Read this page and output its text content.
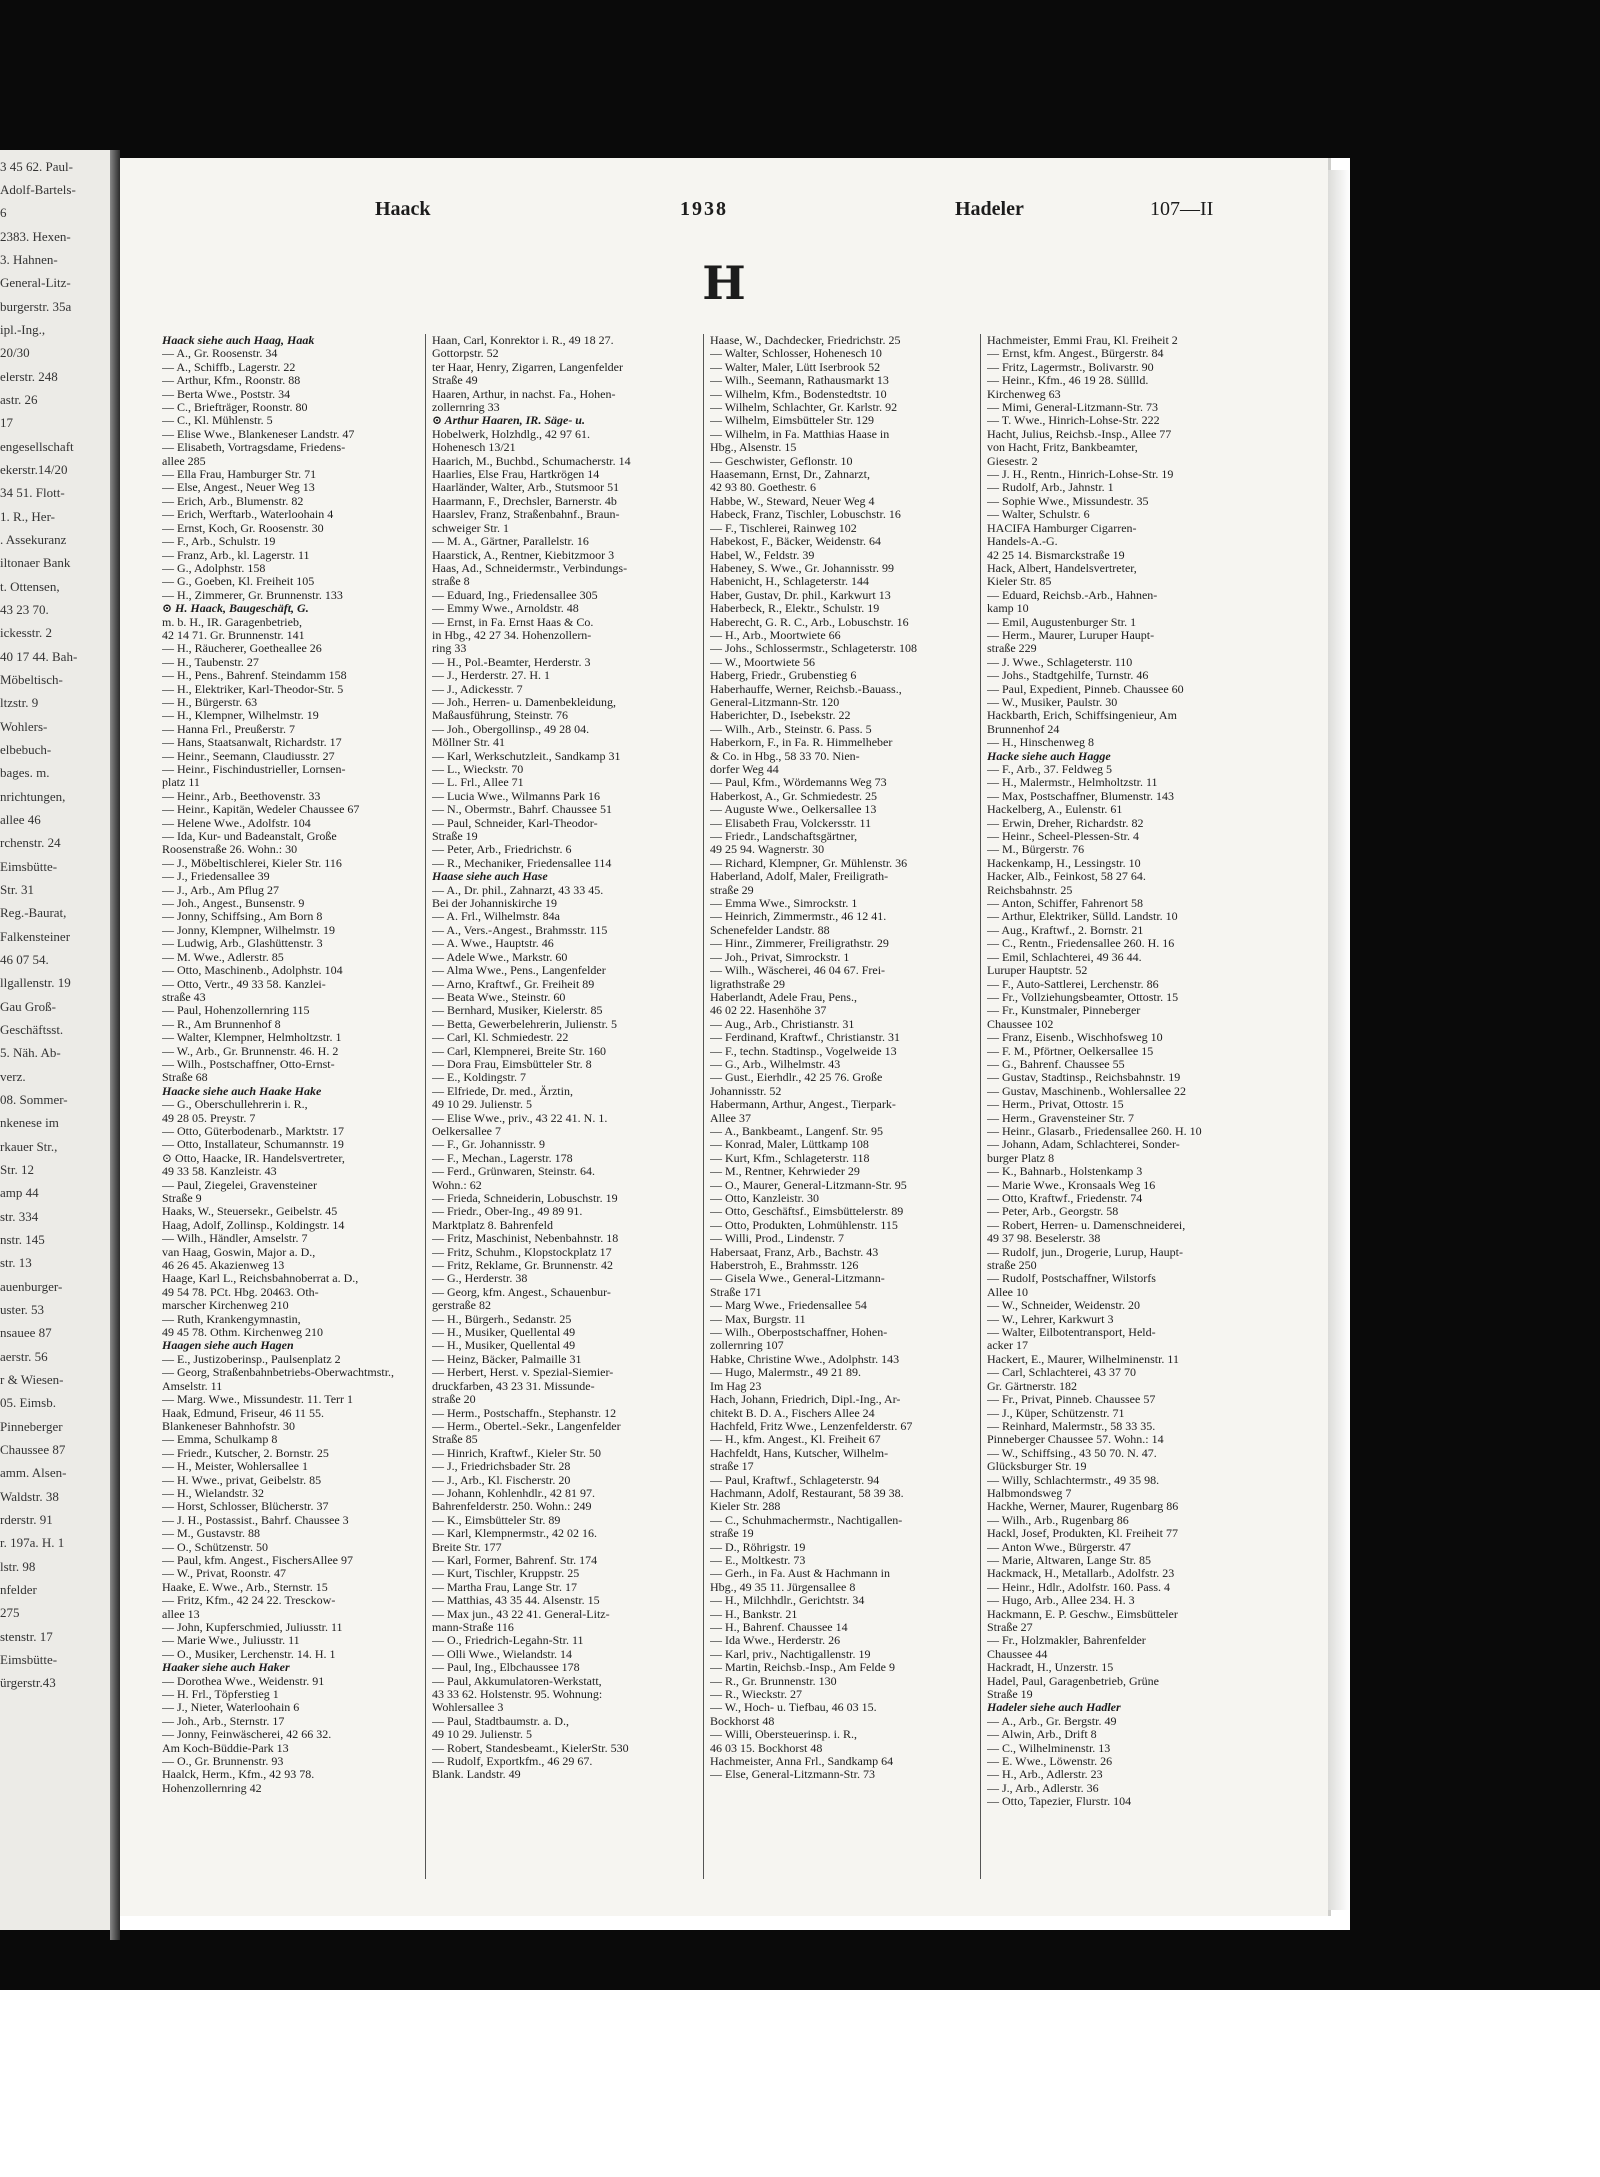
3 45 62. Paul-
Adolf-Bartels-
6
2383. Hexen-
3. Hahnen-
General-Litz-
burgerstr. 35a
ipl.-Ing.,
20/30
elerstr. 248
astr. 26
17
engesellschaft
ekerstr.14/20
34 51. Flott-
1. R., Her-
. Assekuranz
iltonaer Bank
t. Ottensen,
43 23 70.
ickesstr. 2
40 17 44. Bah-
Möbeltisch-
ltzstr. 9
Wohlers-
elbebuch-
bages. m.
nrichtungen,
allee 46
rchenstr. 24
Eimsbütte-
Str. 31
Reg.-Baurat,
Falkensteiner
46 07 54.
llgallenstr. 19
Gau Groß-
Geschäftsst.
5. Näh. Ab-
verz.
08. Sommer-
nkenese im
rkauer Str.,
Str. 12
amp 44
str. 334
nstr. 145
str. 13
auenburger-
uster. 53
nsauee 87
aerstr. 56
r & Wiesen-
05. Eimsb.
Pinneberger
Chaussee 87
amm. Alsen-
Waldstr. 38
rderstr. 91
r. 197a. H. 1
lstr. 98
nfelder
275
stenstr. 17
Eimsbütte-
ürgerstr.43
Haack	1938	Hadeler	107—II
H
Haack siehe auch Haag, Haak
— A., Gr. Roosenstr. 34
— A., Schiffb., Lagerstr. 22
— Arthur, Kfm., Roonstr. 88
— Berta Wwe., Poststr. 34
— C., Briefträger, Roonstr. 80
— C., Kl. Mühlenstr. 5
— Elise Wwe., Blankeneser Landstr. 47
— Elisabeth, Vortragsdame, Friedens-
allee 285
— Ella Frau, Hamburger Str. 71
— Else, Angest., Neuer Weg 13
— Erich, Arb., Blumenstr. 82
— Erich, Werftarb., Waterloohain 4
— Ernst, Koch, Gr. Roosenstr. 30
— F., Arb., Schulstr. 19
— Franz, Arb., kl. Lagerstr. 11
— G., Adolphstr. 158
— G., Goeben, Kl. Freiheit 105
— H., Zimmerer, Gr. Brunnenstr. 133
⊙ H. Haack, Baugeschäft, G.
m. b. H., IR. Garagenbetrieb,
42 14 71. Gr. Brunnenstr. 141
— H., Räucherer, Goetheallee 26
— H., Taubenstr. 27
— H., Pens., Bahrenf. Steindamm 158
— H., Elektriker, Karl-Theodor-Str. 5
— H., Bürgerstr. 63
— H., Klempner, Wilhelmstr. 19
— Hanna Frl., Preußerstr. 7
— Hans, Staatsanwalt, Richardstr. 17
— Heinr., Seemann, Claudiusstr. 27
— Heinr., Fischindustrieller, Lornsen-
platz 11
— Heinr., Arb., Beethovenstr. 33
— Heinr., Kapitän, Wedeler Chaussee 67
— Helene Wwe., Adolfstr. 104
— Ida, Kur- und Badeanstalt, Große
Roosenstraße 26. Wohn.: 30
— J., Möbeltischlerei, Kieler Str. 116
— J., Friedensallee 39
— J., Arb., Am Pflug 27
— Joh., Angest., Bunsenstr. 9
— Jonny, Schiffsing., Am Born 8
— Jonny, Klempner, Wilhelmstr. 19
— Ludwig, Arb., Glashüttenstr. 3
— M. Wwe., Adlerstr. 85
— Otto, Maschinenb., Adolphstr. 104
— Otto, Vertr., 49 33 58. Kanzlei-
straße 43
— Paul, Hohenzollernring 115
— R., Am Brunnenhof 8
— Walter, Klempner, Helmholtzstr. 1
— W., Arb., Gr. Brunnenstr. 46. H. 2
— Wilh., Postschaffner, Otto-Ernst-
Straße 68
Haacke siehe auch Haake Hake
— G., Oberschullehrerin i. R.,
49 28 05. Preystr. 7
— Otto, Güterbodenarb., Marktstr. 17
— Otto, Installateur, Schumannstr. 19
⊙ Otto, Haacke, IR. Handelsvertreter,
49 33 58. Kanzleistr. 43
— Paul, Ziegelei, Gravensteiner
Straße 9
Haaks, W., Steuersekr., Geibelstr. 45
Haag, Adolf, Zollinsp., Koldingstr. 14
— Wilh., Händler, Amselstr. 7
van Haag, Goswin, Major a. D.,
46 26 45. Akazienweg 13
Haage, Karl L., Reichsbahnoberrat a. D.,
49 54 78. PCt. Hbg. 20463. Oth-
marscher Kirchenweg 210
— Ruth, Krankengymnastin,
49 45 78. Othm. Kirchenweg 210
Haagen siehe auch Hagen
— E., Justizoberinsp., Paulsenplatz 2
— Georg, Straßenbahnbetriebs-Oberwachtmstr.,
Amselstr. 11
— Marg. Wwe., Missundestr. 11. Terr 1
Haak, Edmund, Friseur, 46 11 55.
Blankeneser Bahnhofstr. 30
— Emma, Schulkamp 8
— Friedr., Kutscher, 2. Bornstr. 25
— H., Meister, Wohlersallee 1
— H. Wwe., privat, Geibelstr. 85
— H., Wielandstr. 32
— Horst, Schlosser, Blücherstr. 37
— J. H., Postassist., Bahrf. Chaussee 3
— M., Gustavstr. 88
— O., Schützenstr. 50
— Paul, kfm. Angest., FischersAllee 97
— W., Privat, Roonstr. 47
Haake, E. Wwe., Arb., Sternstr. 15
— Fritz, Kfm., 42 24 22. Tresckow-
allee 13
— John, Kupferschmied, Juliusstr. 11
— Marie Wwe., Juliusstr. 11
— O., Musiker, Lerchenstr. 14. H. 1
Haaker siehe auch Haker
— Dorothea Wwe., Weidenstr. 91
— H. Frl., Töpferstieg 1
— J., Nieter, Waterloohain 6
— Joh., Arb., Sternstr. 17
— Jonny, Feinwäscherei, 42 66 32.
Am Koch-Büddie-Park 13
— O., Gr. Brunnenstr. 93
Haalck, Herm., Kfm., 42 93 78.
Hohenzollernring 42
Haan, Carl, Konrektor i. R., 49 18 27.
Gottorpstr. 52
ter Haar, Henry, Zigarren, Langenfelder
Straße 49
Haaren, Arthur, in nachst. Fa., Hohen-
zollernring 33
⊙ Arthur Haaren, IR. Säge- u.
Hobelwerk, Holzhdlg., 42 97 61.
Hohenesch 13/21
Haarich, M., Buchbd., Schumacherstr. 14
Haarlies, Else Frau, Hartkrögen 14
Haarländer, Walter, Arb., Stutsmoor 51
Haarmann, F., Drechsler, Barnerstr. 4b
Haarslev, Franz, Straßenbahnf., Braun-
schweiger Str. 1
— M. A., Gärtner, Parallelstr. 16
Haarstick, A., Rentner, Kiebitzmoor 3
Haas, Ad., Schneidermstr., Verbindungs-
straße 8
— Eduard, Ing., Friedensallee 305
— Emmy Wwe., Arnoldstr. 48
— Ernst, in Fa. Ernst Haas & Co.
in Hbg., 42 27 34. Hohenzollern-
ring 33
— H., Pol.-Beamter, Herderstr. 3
— J., Herderstr. 27. H. 1
— J., Adickesstr. 7
— Joh., Herren- u. Damenbekleidung,
Maßausführung, Steinstr. 76
— Joh., Obergollinsp., 49 28 04.
Möllner Str. 41
— Karl, Werkschutzleit., Sandkamp 31
— L., Wieckstr. 70
— L. Frl., Allee 71
— Lucia Wwe., Wilmanns Park 16
— N., Obermstr., Bahrf. Chaussee 51
— Paul, Schneider, Karl-Theodor-
Straße 19
— Peter, Arb., Friedrichstr. 6
— R., Mechaniker, Friedensallee 114
Haase siehe auch Hase
— A., Dr. phil., Zahnarzt, 43 33 45.
Bei der Johanniskirche 19
— A. Frl., Wilhelmstr. 84a
— A., Vers.-Angest., Brahmsstr. 115
— A. Wwe., Hauptstr. 46
— Adele Wwe., Markstr. 60
— Alma Wwe., Pens., Langenfelder
— Arno, Kraftwf., Gr. Freiheit 89
— Beata Wwe., Steinstr. 60
— Bernhard, Musiker, Kielerstr. 85
— Betta, Gewerbelehrerin, Julienstr. 5
— Carl, Kl. Schmiedestr. 22
— Carl, Klempnerei, Breite Str. 160
— Dora Frau, Eimsbütteler Str. 8
— E., Koldingstr. 7
— Elfriede, Dr. med., Ärztin,
49 10 29. Julienstr. 5
— Elise Wwe., priv., 43 22 41. N. 1.
Oelkersallee 7
— F., Gr. Johannisstr. 9
— F., Mechan., Lagerstr. 178
— Ferd., Grünwaren, Steinstr. 64.
Wohn.: 62
— Frieda, Schneiderin, Lobuschstr. 19
— Friedr., Ober-Ing., 49 89 91.
Marktplatz 8. Bahrenfeld
— Fritz, Maschinist, Nebenbahnstr. 18
— Fritz, Schuhm., Klopstockplatz 17
— Fritz, Reklame, Gr. Brunnenstr. 42
— G., Herderstr. 38
— Georg, kfm. Angest., Schauenbur-
gerstraße 82
— H., Bürgerh., Sedanstr. 25
— H., Musiker, Quellental 49
— H., Musiker, Quellental 49
— Heinz, Bäcker, Palmaille 31
— Herbert, Herst. v. Spezial-Siemier-
druckfarben, 43 23 31. Missunde-
straße 20
— Herm., Postschaffn., Stephanstr. 12
— Herm., Obertel.-Sekr., Langenfelder
Straße 85
— Hinrich, Kraftwf., Kieler Str. 50
— J., Friedrichsbader Str. 28
— J., Arb., Kl. Fischerstr. 20
— Johann, Kohlenhdlr., 42 81 97.
Bahrenfelderstr. 250. Wohn.: 249
— K., Eimsbütteler Str. 89
— Karl, Klempnermstr., 42 02 16.
Breite Str. 177
— Karl, Former, Bahrenf. Str. 174
— Kurt, Tischler, Kruppstr. 25
— Martha Frau, Lange Str. 17
— Matthias, 43 35 44. Alsenstr. 15
— Max jun., 43 22 41. General-Litz-
mann-Straße 116
— O., Friedrich-Legahn-Str. 11
— Olli Wwe., Wielandstr. 14
— Paul, Ing., Elbchaussee 178
— Paul, Akkumulatoren-Werkstatt,
43 33 62. Holstenstr. 95. Wohnung:
Wohlersallee 3
— Paul, Stadtbaumstr. a. D.,
49 10 29. Julienstr. 5
— Robert, Standesbeamt., KielerStr. 530
— Rudolf, Exportkfm., 46 29 67.
Blank. Landstr. 49
Haase, W., Dachdecker, Friedrichstr. 25
— Walter, Schlosser, Hohenesch 10
— Walter, Maler, Lütt Iserbrook 52
— Wilh., Seemann, Rathausmarkt 13
— Wilhelm, Kfm., Bodenstedtstr. 10
— Wilhelm, Schlachter, Gr. Karlstr. 92
— Wilhelm, Eimsbütteler Str. 129
— Wilhelm, in Fa. Matthias Haase in
Hbg., Alsenstr. 15
— Geschwister, Geflonstr. 10
Haasemann, Ernst, Dr., Zahnarzt,
42 93 80. Goethestr. 6
Habbe, W., Steward, Neuer Weg 4
Habeck, Franz, Tischler, Lobuschstr. 16
— F., Tischlerei, Rainweg 102
Habekost, F., Bäcker, Weidenstr. 64
Habel, W., Feldstr. 39
Habeney, S. Wwe., Gr. Johannisstr. 99
Habenicht, H., Schlageterstr. 144
Haber, Gustav, Dr. phil., Karkwurt 13
Haberbeck, R., Elektr., Schulstr. 19
Haberecht, G. R. C., Arb., Lobuschstr. 16
— H., Arb., Moortwiete 66
— Johs., Schlossermstr., Schlageterstr. 108
— W., Moortwiete 56
Haberg, Friedr., Grubenstieg 6
Haberhauffe, Werner, Reichsb.-Bauass.,
General-Litzmann-Str. 120
Haberichter, D., Isebekstr. 22
— Wilh., Arb., Steinstr. 6. Pass. 5
Haberkorn, F., in Fa. R. Himmelheber
& Co. in Hbg., 58 33 70. Nien-
dorfer Weg 44
— Paul, Kfm., Wördemanns Weg 73
Haberkost, A., Gr. Schmiedestr. 25
— Auguste Wwe., Oelkersallee 13
— Elisabeth Frau, Volckersstr. 11
— Friedr., Landschaftsgärtner,
49 25 94. Wagnerstr. 30
— Richard, Klempner, Gr. Mühlenstr. 36
Haberland, Adolf, Maler, Freiligrath-
straße 29
— Emma Wwe., Simrockstr. 1
— Heinrich, Zimmermstr., 46 12 41.
Schenefelder Landstr. 88
— Hinr., Zimmerer, Freiligrathstr. 29
— Joh., Privat, Simrockstr. 1
— Wilh., Wäscherei, 46 04 67. Frei-
ligrathstraße 29
Haberlandt, Adele Frau, Pens.,
46 02 22. Hasenhöhe 37
— Aug., Arb., Christianstr. 31
— Ferdinand, Kraftwf., Christianstr. 31
— F., techn. Stadtinsp., Vogelweide 13
— G., Arb., Wilhelmstr. 43
— Gust., Eierhdlr., 42 25 76. Große
Johannisstr. 52
Habermann, Arthur, Angest., Tierpark-
Allee 37
— A., Bankbeamt., Langenf. Str. 95
— Konrad, Maler, Lüttkamp 108
— Kurt, Kfm., Schlageterstr. 118
— M., Rentner, Kehrwieder 29
— O., Maurer, General-Litzmann-Str. 95
— Otto, Kanzleistr. 30
— Otto, Geschäftsf., Eimsbüttelerstr. 89
— Otto, Produkten, Lohmühlenstr. 115
— Willi, Prod., Lindenstr. 7
Habersaat, Franz, Arb., Bachstr. 43
Haberstroh, E., Brahmsstr. 126
— Gisela Wwe., General-Litzmann-
Straße 171
— Marg Wwe., Friedensallee 54
— Max, Burgstr. 11
— Wilh., Oberpostschaffner, Hohen-
zollernring 107
Habke, Christine Wwe., Adolphstr. 143
— Hugo, Malermstr., 49 21 89.
Im Hag 23
Hach, Johann, Friedrich, Dipl.-Ing., Ar-
chitekt B. D. A., Fischers Allee 24
Hachfeld, Fritz Wwe., Lenzenfelderstr. 67
— H., kfm. Angest., Kl. Freiheit 67
Hachfeldt, Hans, Kutscher, Wilhelm-
straße 17
— Paul, Kraftwf., Schlageterstr. 94
Hachmann, Adolf, Restaurant, 58 39 38.
Kieler Str. 288
— C., Schuhmachermstr., Nachtigallen-
straße 19
— D., Röhrigstr. 19
— E., Moltkestr. 73
— Gerh., in Fa. Aust & Hachmann in
Hbg., 49 35 11. Jürgensallee 8
— H., Milchhdlr., Gerichtstr. 34
— H., Bankstr. 21
— H., Bahrenf. Chaussee 14
— Ida Wwe., Herderstr. 26
— Karl, priv., Nachtigallenstr. 19
— Martin, Reichsb.-Insp., Am Felde 9
— R., Gr. Brunnenstr. 130
— R., Wieckstr. 27
— W., Hoch- u. Tiefbau, 46 03 15.
Bockhorst 48
— Willi, Obersteuerinsp. i. R.,
46 03 15. Bockhorst 48
Hachmeister, Anna Frl., Sandkamp 64
— Else, General-Litzmann-Str. 73
Hachmeister, Emmi Frau, Kl. Freiheit 2
— Ernst, kfm. Angest., Bürgerstr. 84
— Fritz, Lagermstr., Bolivarstr. 90
— Heinr., Kfm., 46 19 28. Süllld.
Kirchenweg 63
— Mimi, General-Litzmann-Str. 73
— T. Wwe., Hinrich-Lohse-Str. 222
Hacht, Julius, Reichsb.-Insp., Allee 77
von Hacht, Fritz, Bankbeamter,
Giesestr. 2
— J. H., Rentn., Hinrich-Lohse-Str. 19
— Rudolf, Arb., Jahnstr. 1
— Sophie Wwe., Missundestr. 35
— Walter, Schulstr. 6
HACIFA Hamburger Cigarren-
Handels-A.-G.
42 25 14. Bismarckstraße 19
Hack, Albert, Handelsvertreter,
Kieler Str. 85
— Eduard, Reichsb.-Arb., Hahnen-
kamp 10
— Emil, Augustenburger Str. 1
— Herm., Maurer, Luruper Haupt-
straße 229
— J. Wwe., Schlageterstr. 110
— Johs., Stadtgehilfe, Turnstr. 46
— Paul, Expedient, Pinneb. Chaussee 60
— W., Musiker, Paulstr. 30
Hackbarth, Erich, Schiffsingenieur, Am
Brunnenhof 24
— H., Hinschenweg 8
Hacke siehe auch Hagge
— F., Arb., 37. Feldweg 5
— H., Malermstr., Helmholtzstr. 11
— Max, Postschaffner, Blumenstr. 143
Hackelberg, A., Eulenstr. 61
— Erwin, Dreher, Richardstr. 82
— Heinr., Scheel-Plessen-Str. 4
— M., Bürgerstr. 76
Hackenkamp, H., Lessingstr. 10
Hacker, Alb., Feinkost, 58 27 64.
Reichsbahnstr. 25
— Anton, Schiffer, Fahrenort 58
— Arthur, Elektriker, Sülld. Landstr. 10
— Aug., Kraftwf., 2. Bornstr. 21
— C., Rentn., Friedensallee 260. H. 16
— Emil, Schlachterei, 49 36 44.
Luruper Hauptstr. 52
— F., Auto-Sattlerei, Lerchenstr. 86
— Fr., Vollziehungsbeamter, Ottostr. 15
— Fr., Kunstmaler, Pinneberger
Chaussee 102
— Franz, Eisenb., Wischhofsweg 10
— F. M., Pförtner, Oelkersallee 15
— G., Bahrenf. Chaussee 55
— Gustav, Stadtinsp., Reichsbahnstr. 19
— Gustav, Maschinenb., Wohlersallee 22
— Herm., Privat, Ottostr. 15
— Herm., Gravensteiner Str. 7
— Heinr., Glasarb., Friedensallee 260. H. 10
— Johann, Adam, Schlachterei, Sonder-
burger Platz 8
— K., Bahnarb., Holstenkamp 3
— Marie Wwe., Kronsaals Weg 16
— Otto, Kraftwf., Friedenstr. 74
— Peter, Arb., Georgstr. 58
— Robert, Herren- u. Damenschneiderei,
49 37 98. Beselerstr. 38
— Rudolf, jun., Drogerie, Lurup, Haupt-
straße 250
— Rudolf, Postschaffner, Wilstorfs
Allee 10
— W., Schneider, Weidenstr. 20
— W., Lehrer, Karkwurt 3
— Walter, Eilbotentransport, Held-
acker 17
Hackert, E., Maurer, Wilhelminenstr. 11
— Carl, Schlachterei, 43 37 70
Gr. Gärtnerstr. 182
— Fr., Privat, Pinneb. Chaussee 57
— J., Küper, Schützenstr. 71
— Reinhard, Malermstr., 58 33 35.
Pinneberger Chaussee 57. Wohn.: 14
— W., Schiffsing., 43 50 70. N. 47.
Glücksburger Str. 19
— Willy, Schlachtermstr., 49 35 98.
Halbmondsweg 7
Hackhe, Werner, Maurer, Rugenbarg 86
— Wilh., Arb., Rugenbarg 86
Hackl, Josef, Produkten, Kl. Freiheit 77
— Anton Wwe., Bürgerstr. 47
— Marie, Altwaren, Lange Str. 85
Hackmack, H., Metallarb., Adolfstr. 23
— Heinr., Hdlr., Adolfstr. 160. Pass. 4
— Hugo, Arb., Allee 234. H. 3
Hackmann, E. P. Geschw., Eimsbütteler
Straße 27
— Fr., Holzmakler, Bahrenfelder
Chaussee 44
Hackradt, H., Unzerstr. 15
Hadel, Paul, Garagenbetrieb, Grüne
Straße 19
Hadeler siehe auch Hadler
— A., Arb., Gr. Bergstr. 49
— Alwin, Arb., Drift 8
— C., Wilhelminenstr. 13
— E. Wwe., Löwenstr. 26
— H., Arb., Adlerstr. 23
— J., Arb., Adlerstr. 36
— Otto, Tapezier, Flurstr. 104
